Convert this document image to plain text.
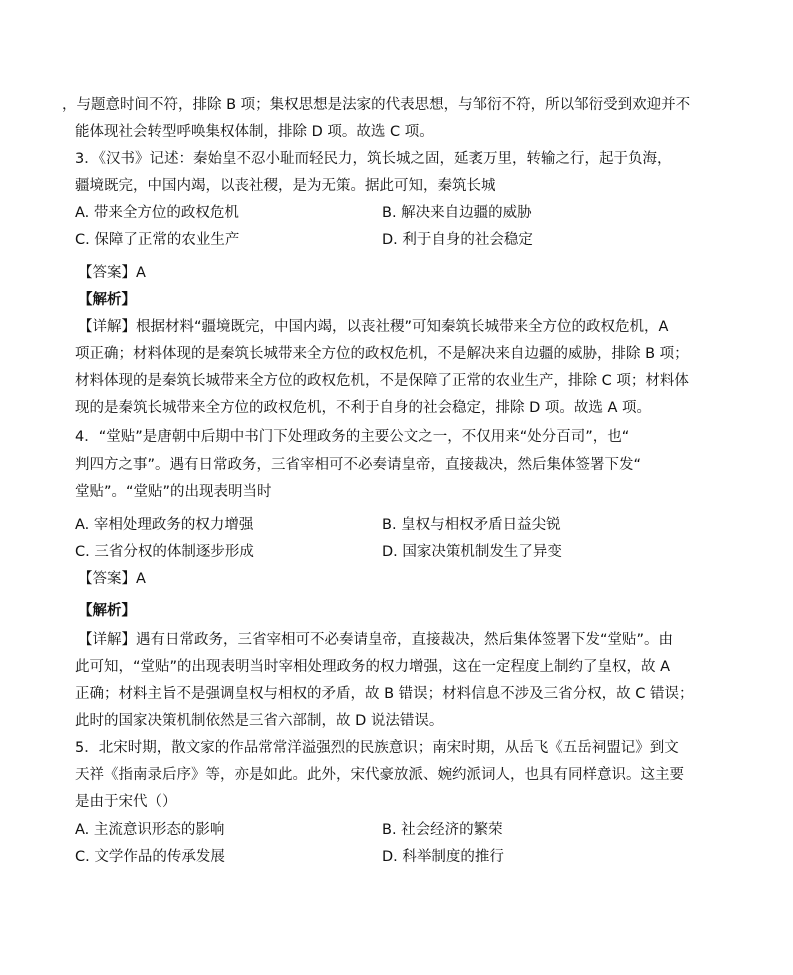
，与题意时间不符，排除 B 项；集权思想是法家的代表思想，与邹衍不符，所以邹衍受到欢迎并不
能体现社会转型呼唤集权体制，排除 D 项。故选 C 项。
3．《汉书》记述：秦始皇不忍小耻而轻民力，筑长城之固，延袤万里，转输之行，起于负海，
疆境既完，中国内竭，以丧社稷，是为无策。据此可知，秦筑长城
A. 带来全方位的政权危机	B. 解决来自边疆的威胁
C. 保障了正常的农业生产	D. 利于自身的社会稳定
【答案】A
【解析】
【详解】根据材料“疆境既完，中国内竭，以丧社稷”可知秦筑长城带来全方位的政权危机，A
项正确；材料体现的是秦筑长城带来全方位的政权危机，不是解决来自边疆的威胁，排除 B 项；
材料体现的是秦筑长城带来全方位的政权危机，不是保障了正常的农业生产，排除 C 项；材料体
现的是秦筑长城带来全方位的政权危机，不利于自身的社会稳定，排除 D 项。故选 A 项。
4．“堂贴”是唐朝中后期中书门下处理政务的主要公文之一，不仅用来“处分百司”，也“
判四方之事”。遇有日常政务，三省宰相可不必奏请皇帝，直接裁决，然后集体签署下发“
堂贴”。“堂贴”的出现表明当时
A. 宰相处理政务的权力增强	B. 皇权与相权矛盾日益尖锐
C. 三省分权的体制逐步形成	D. 国家决策机制发生了异变
【答案】A
【解析】
【详解】遇有日常政务，三省宰相可不必奏请皇帝，直接裁决，然后集体签署下发“堂贴”。由
此可知，“堂贴”的出现表明当时宰相处理政务的权力增强，这在一定程度上制约了皇权，故 A
正确；材料主旨不是强调皇权与相权的矛盾，故 B 错误；材料信息不涉及三省分权，故 C 错误；
此时的国家决策机制依然是三省六部制，故 D 说法错误。
5．北宋时期，散文家的作品常常洋溢强烈的民族意识；南宋时期，从岳飞《五岳祠盟记》到文
天祥《指南录后序》等，亦是如此。此外，宋代豪放派、婉约派词人，也具有同样意识。这主要
是由于宋代（）
A. 主流意识形态的影响	B. 社会经济的繁荣
C. 文学作品的传承发展	D. 科举制度的推行
